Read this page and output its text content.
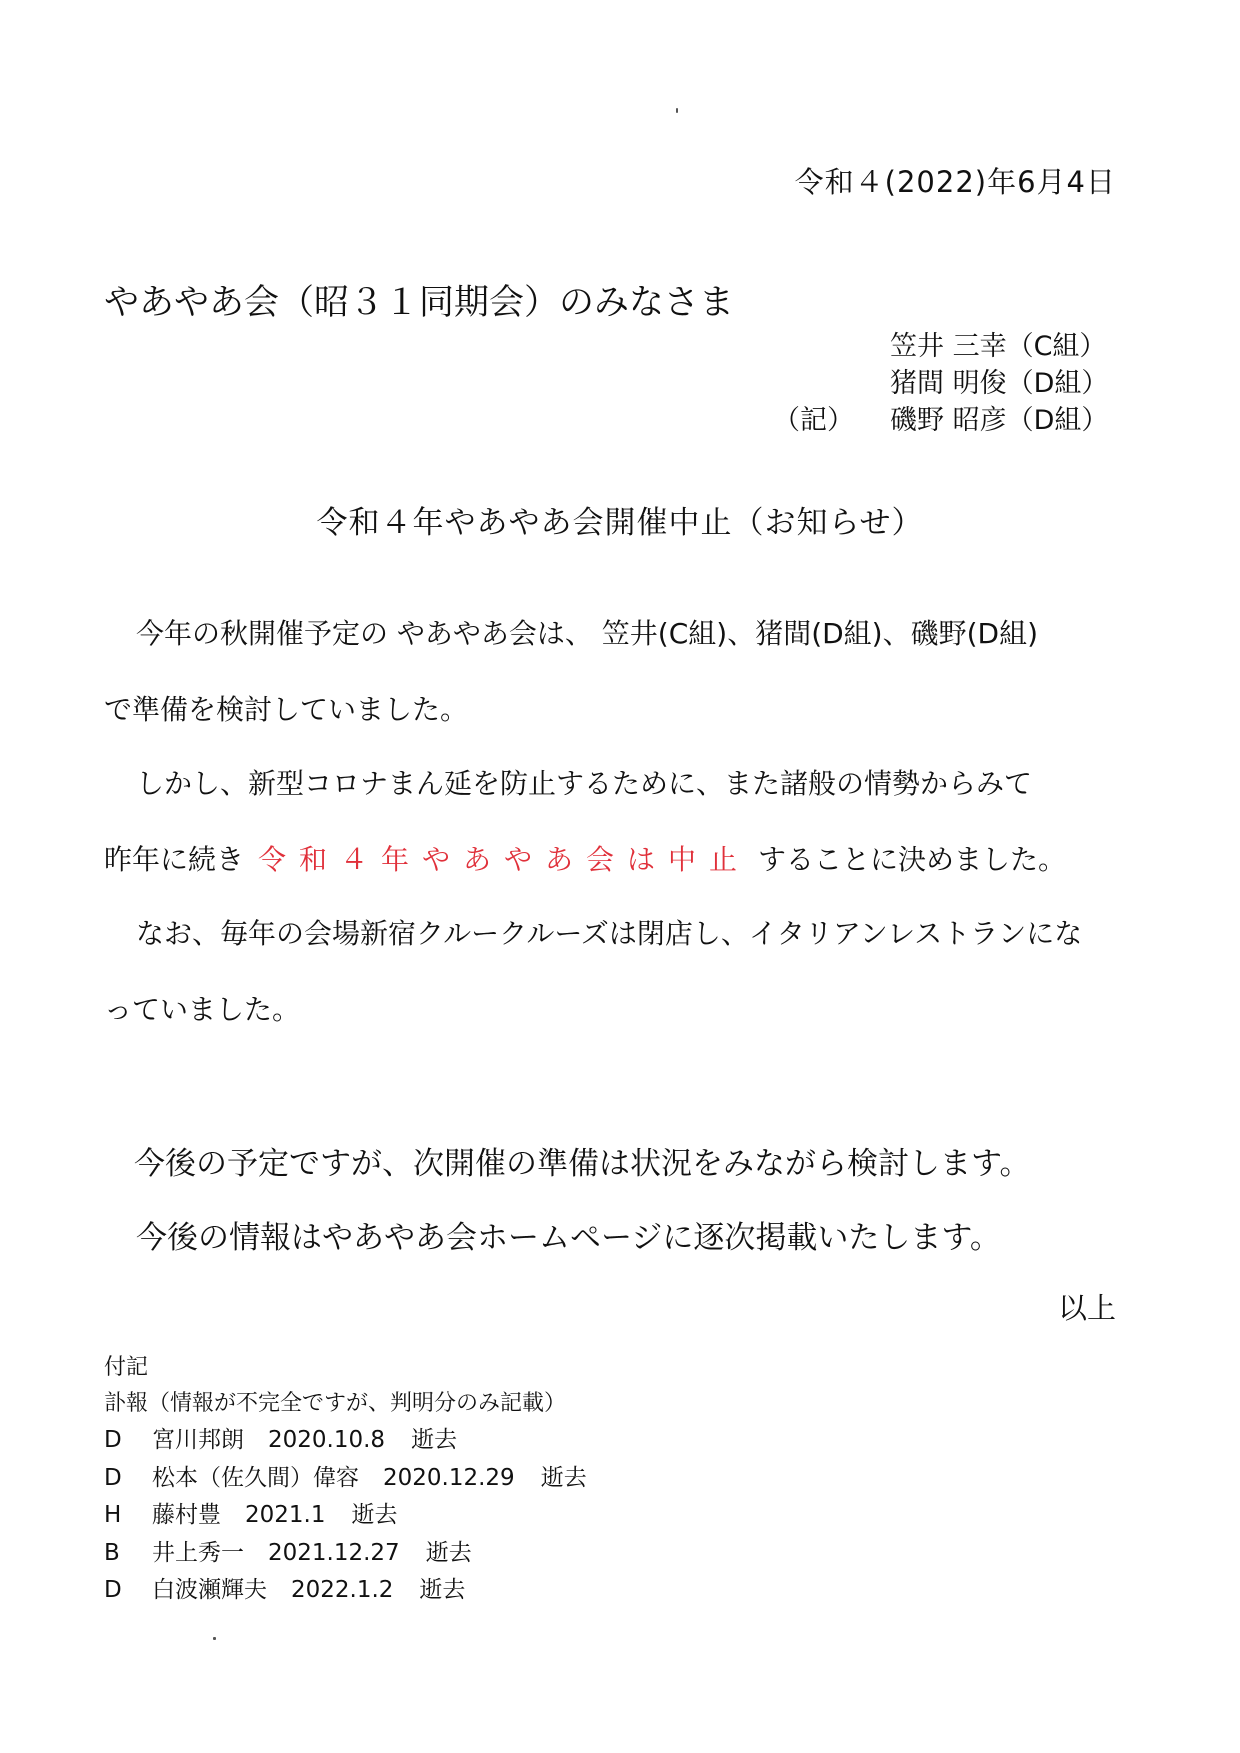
令和４(2022)年6月4日
やあやあ会（昭３１同期会）のみなさま
笠井 三幸（C組）
猪間 明俊（D組）
（記） 磯野 昭彦（D組）
令和４年やあやあ会開催中止（お知らせ）
今年の秋開催予定の やあやあ会は、 笠井(C組)、猪間(D組)、磯野(D組)
で準備を検討していました。
しかし、新型コロナまん延を防止するために、また諸般の情勢からみて
昨年に続き 令和４年やあやあ会は中止 することに決めました。
なお、毎年の会場新宿クルークルーズは閉店し、イタリアンレストランにな
っていました。
今後の予定ですが、次開催の準備は状況をみながら検討します。
今後の情報はやあやあ会ホームページに逐次掲載いたします。
以上
付記
訃報（情報が不完全ですが、判明分のみ記載）
D 宮川邦朗 2020.10.8 逝去
D 松本（佐久間）偉容 2020.12.29 逝去
H 藤村豊 2021.1 逝去
B 井上秀一 2021.12.27 逝去
D 白波瀬輝夫 2022.1.2 逝去
